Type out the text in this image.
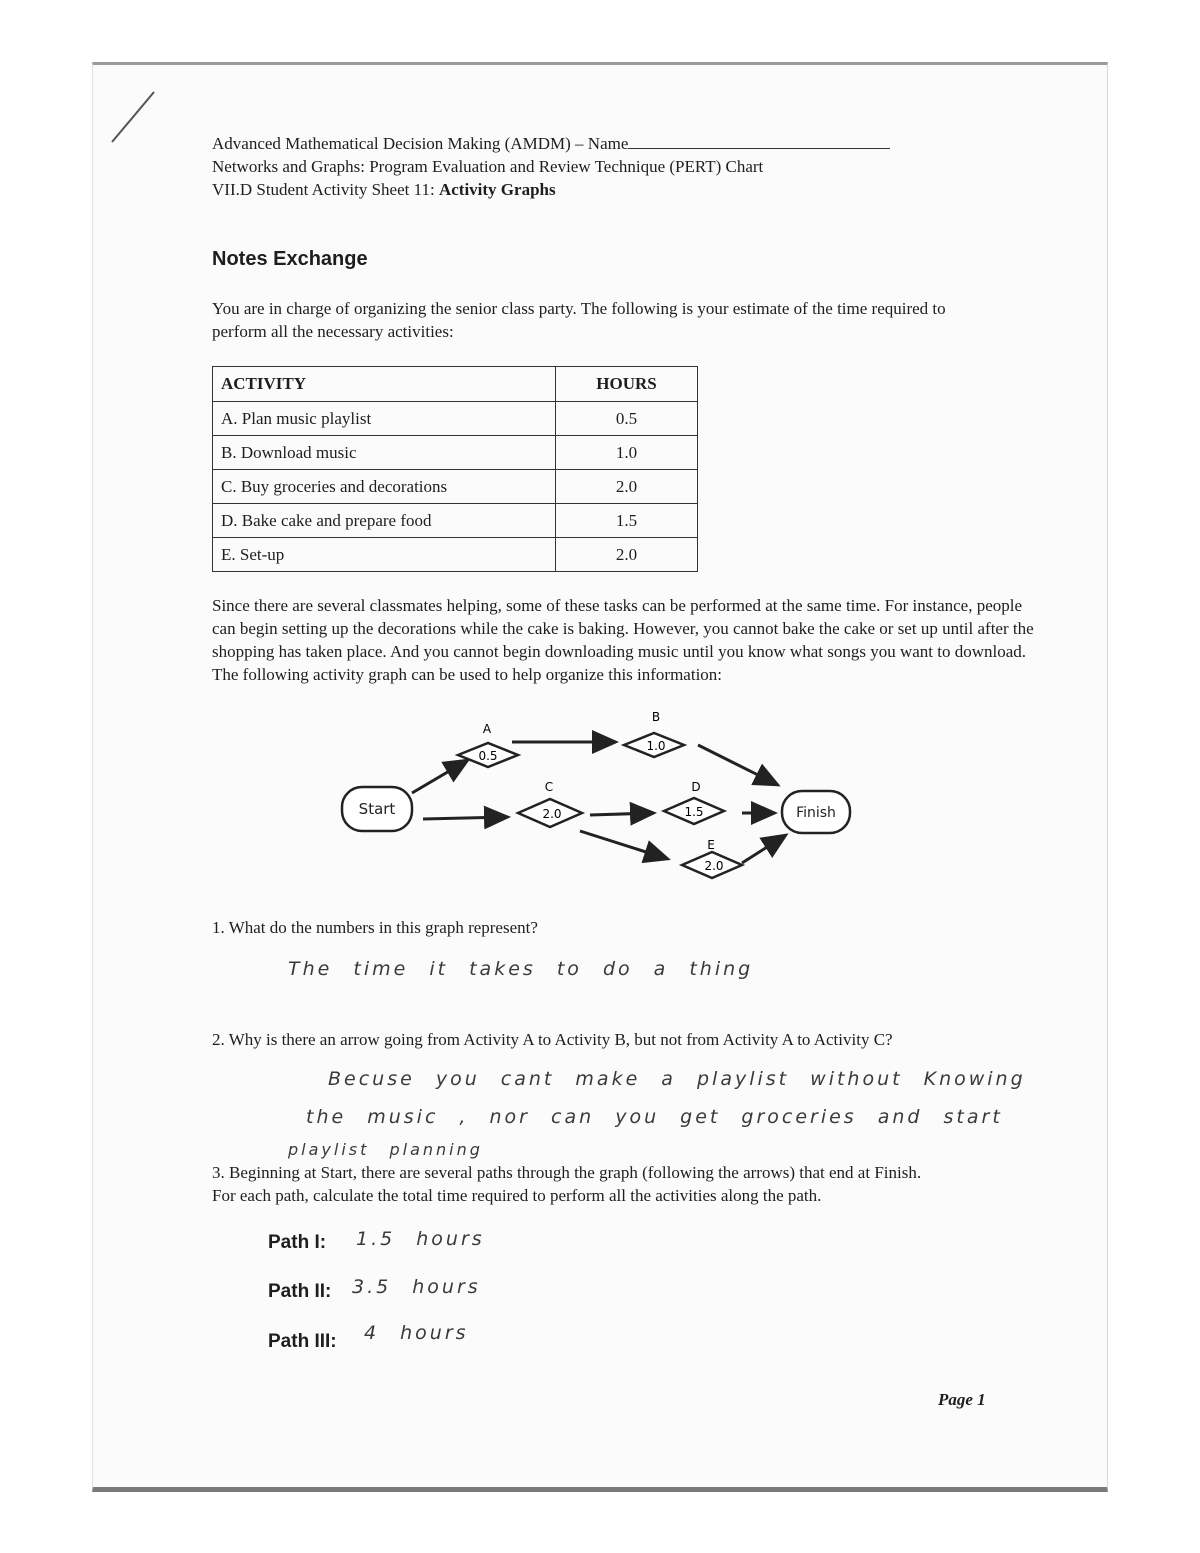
Advanced Mathematical Decision Making (AMDM) – Name
Networks and Graphs: Program Evaluation and Review Technique (PERT) Chart
VII.D Student Activity Sheet 11: Activity Graphs
Notes Exchange
You are in charge of organizing the senior class party. The following is your estimate of the time required to perform all the necessary activities:
ACTIVITY	HOURS
A. Plan music playlist	0.5
B. Download music	1.0
C. Buy groceries and decorations	2.0
D. Bake cake and prepare food	1.5
E. Set-up	2.0
Since there are several classmates helping, some of these tasks can be performed at the same time. For instance, people can begin setting up the decorations while the cake is baking. However, you cannot bake the cake or set up until after the shopping has taken place. And you cannot begin downloading music until you know what songs you want to download. The following activity graph can be used to help organize this information:
Start	Finish
A
0.5
B
1.0
C
2.0
D
1.5
E
2.0
1. What do the numbers in this graph represent?
The time it takes to do a thing
2. Why is there an arrow going from Activity A to Activity B, but not from Activity A to Activity C?
Becuse you cant make a playlist without Knowing
the music , nor can you get groceries and start
playlist planning
3. Beginning at Start, there are several paths through the graph (following the arrows) that end at Finish.
For each path, calculate the total time required to perform all the activities along the path.
Path I: 1.5 hours
Path II: 3.5 hours
Path III: 4 hours
Page 1
